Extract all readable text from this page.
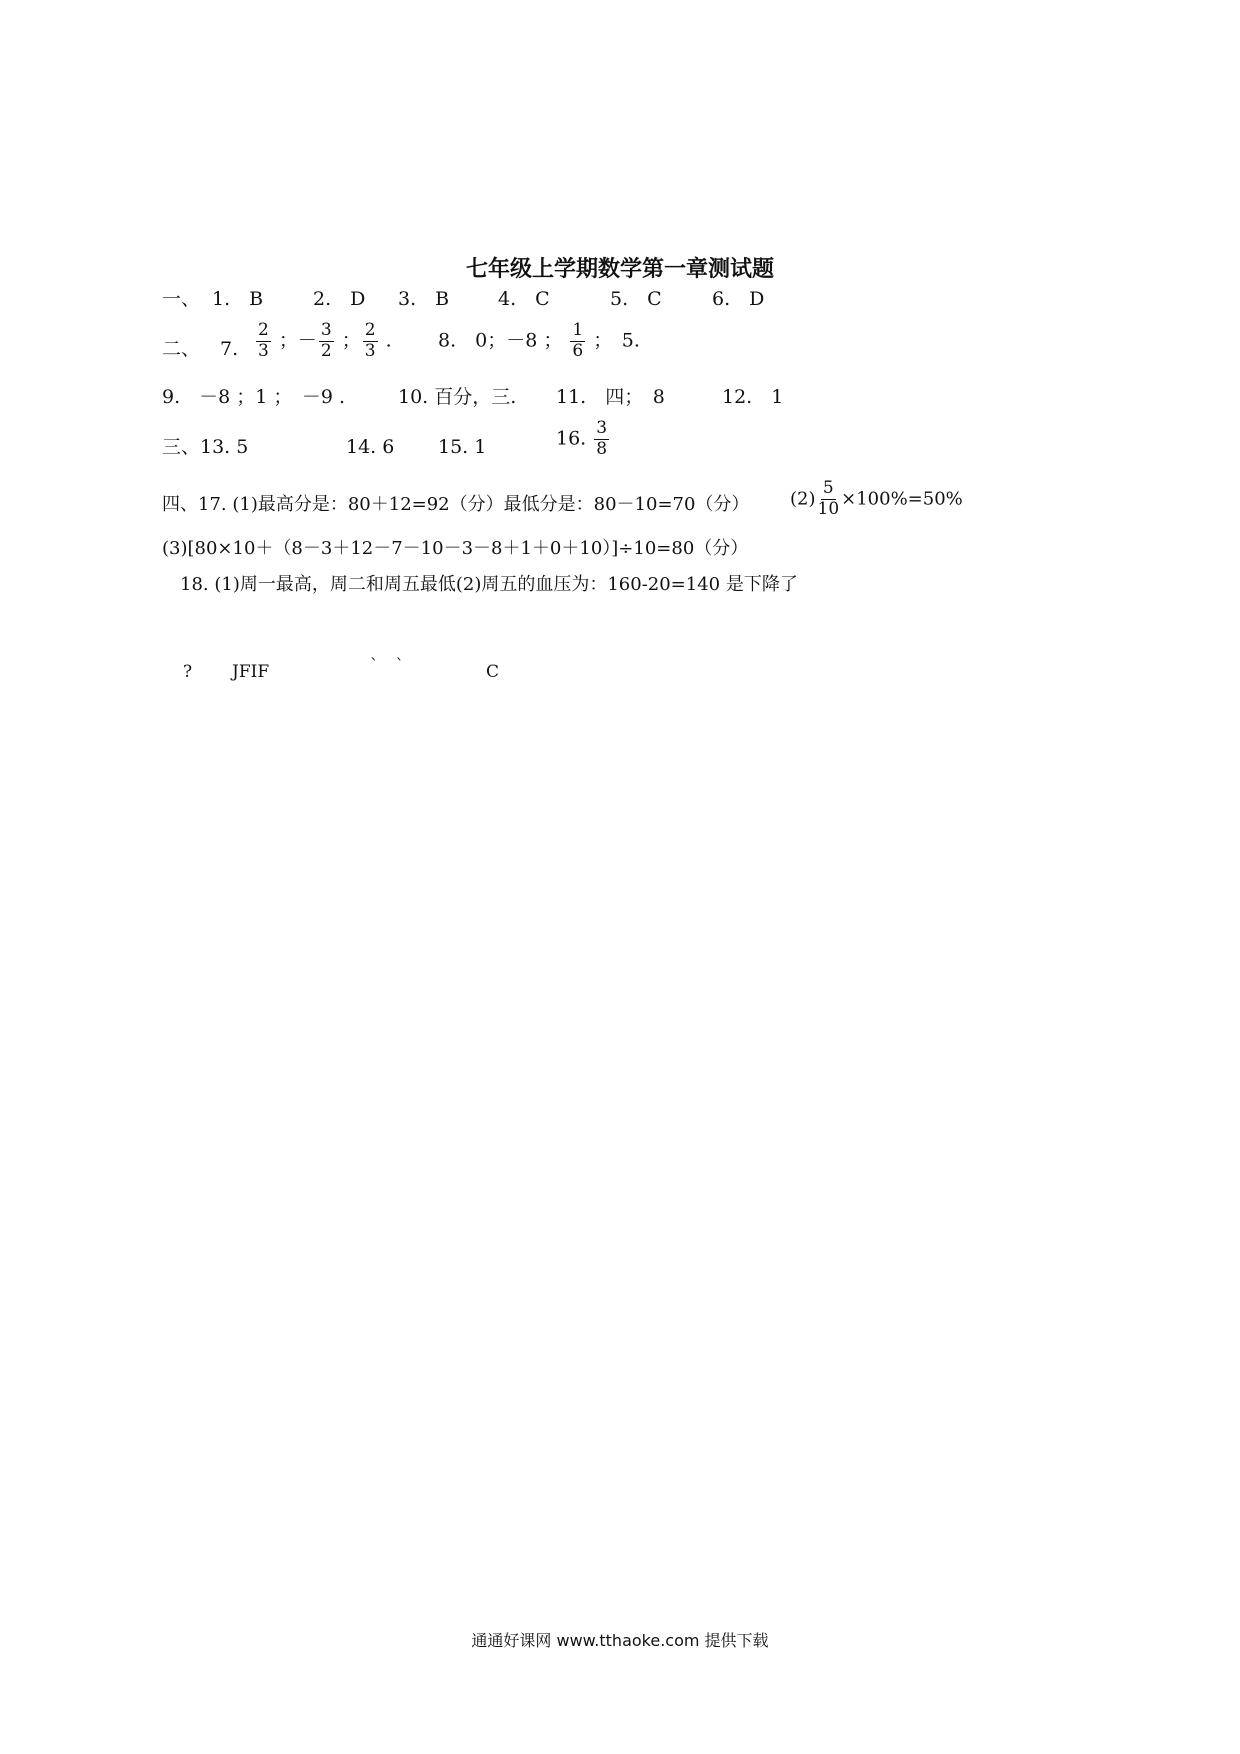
七年级上学期数学第一章测试题
一、 1.　B	2.　D 3.　B	4.　C	5.　C	6.　D
二、 7. $\frac{2}{3}$ ；－ $\frac{3}{2}$ ； $\frac{2}{3}$ . 8.　0；－8 ； $\frac{1}{6}$ ；　5.
9.　－8 ；1 ；　－9 .	10. 百分，三. 11.　四；　8	12.　1
三、13. 5	14. 6 15. 1	16. $\frac{3}{8}$
四、17. (1)最高分是：80＋12=92（分）最低分是：80－10=70（分） $(2) \frac{5}{10} \times 100\%=50\%$
(3)[80×10＋（8－3＋12－7－10－3－8＋1＋0＋10）]÷10=80（分）
18. (1)周一最高，周二和周五最低(2)周五的血压为：160-20=140 是下降了
? JFIF	`　`	C
通通好课网 www.tthaoke.com 提供下载
